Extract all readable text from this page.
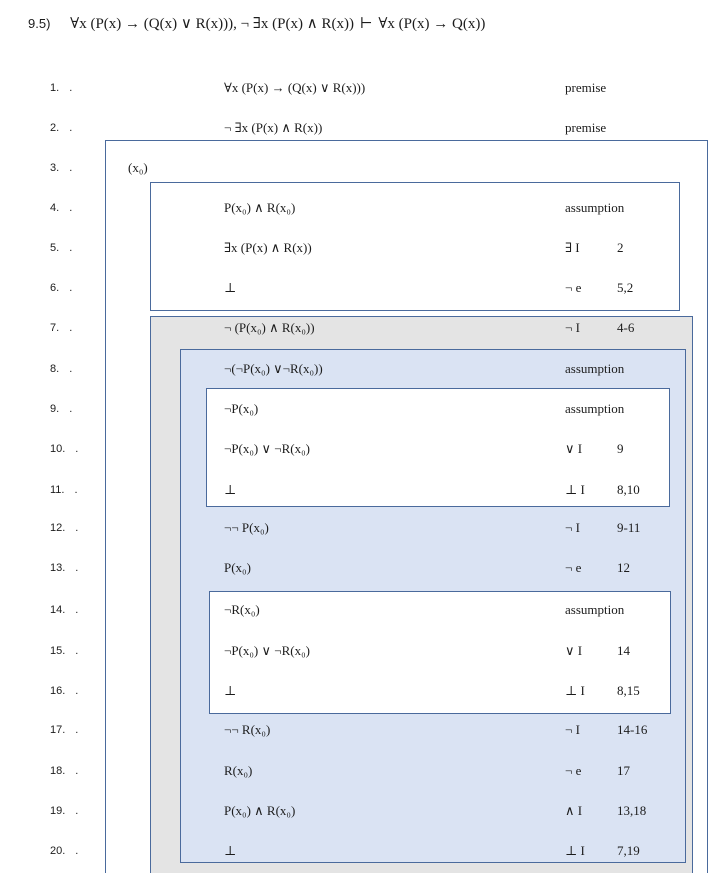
9.5) ∀x (P(x) → (Q(x) ∨ R(x))), ¬ ∃x (P(x) ∧ R(x)) ⊢ ∀x (P(x) → Q(x))
1. .	∀x (P(x) → (Q(x) ∨ R(x)))	premise
2. .	¬ ∃x (P(x) ∧ R(x))	premise
3. .	(x₀)
4. .	P(x₀) ∧ R(x₀)	assumption
5. .	∃x (P(x) ∧ R(x))	∃ I	2
6. .	⊥	¬ e	5,2
7. .	¬ (P(x₀) ∧ R(x₀))	¬ I	4-6
8. .	¬(¬P(x₀) ∨¬R(x₀))	assumption
9. .	¬P(x₀)	assumption
10. .	¬P(x₀) ∨ ¬R(x₀)	∨ I	9
11. .	⊥	⊥ I 8,10
12. .	¬¬ P(x₀)	¬ I	9-11
13. .	P(x₀)	¬ e	12
14. .	¬R(x₀)	assumption
15. .	¬P(x₀) ∨ ¬R(x₀)	∨ I	14
16. .	⊥	⊥ I 8,15
17. .	¬¬ R(x₀)	¬ I	14-16
18. .	R(x₀)	¬ e	17
19. .	P(x₀) ∧ R(x₀)	∧ I	13,18
20. .	⊥	⊥ I 7,19
